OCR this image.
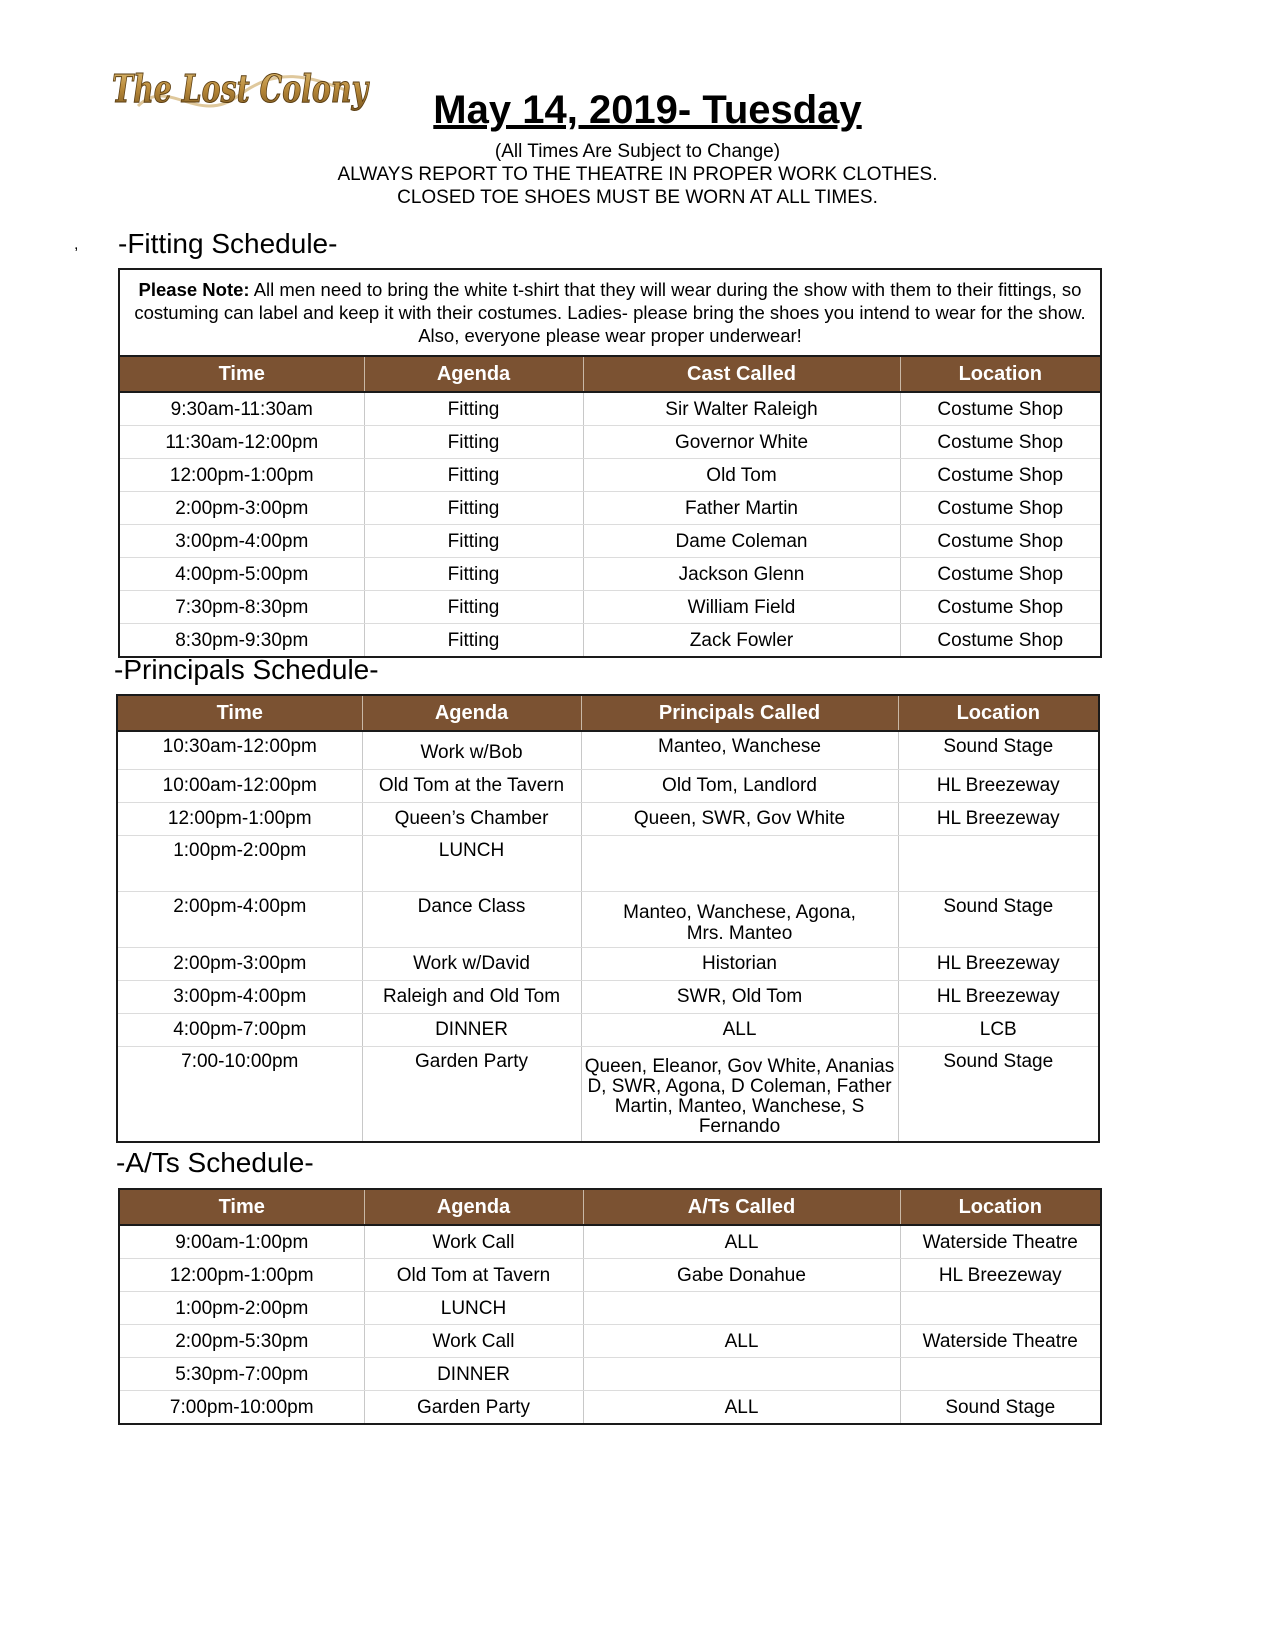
The Lost Colony	May 14, 2019- Tuesday
(All Times Are Subject to Change)
ALWAYS REPORT TO THE THEATRE IN PROPER WORK CLOTHES.
CLOSED TOE SHOES MUST BE WORN AT ALL TIMES.
, -Fitting Schedule-
Please Note: All men need to bring the white t-shirt that they will wear during the show with them to their fittings, so costuming can label and keep it with their costumes. Ladies- please bring the shoes you intend to wear for the show. Also, everyone please wear proper underwear!			
Time	Agenda	Cast Called	Location
9:30am-11:30am	Fitting	Sir Walter Raleigh	Costume Shop
11:30am-12:00pm	Fitting	Governor White	Costume Shop
12:00pm-1:00pm	Fitting	Old Tom	Costume Shop
2:00pm-3:00pm	Fitting	Father Martin	Costume Shop
3:00pm-4:00pm	Fitting	Dame Coleman	Costume Shop
4:00pm-5:00pm	Fitting	Jackson Glenn	Costume Shop
7:30pm-8:30pm	Fitting	William Field	Costume Shop
8:30pm-9:30pm	Fitting	Zack Fowler	Costume Shop
-Principals Schedule-
Time	Agenda	Principals Called	Location
10:30am-12:00pm	Work w/Bob	Manteo, Wanchese	Sound Stage
10:00am-12:00pm	Old Tom at the Tavern	Old Tom, Landlord	HL Breezeway
12:00pm-1:00pm	Queen’s Chamber	Queen, SWR, Gov White	HL Breezeway
1:00pm-2:00pm	LUNCH		
2:00pm-4:00pm	Dance Class	Manteo, Wanchese, Agona, Mrs. Manteo	Sound Stage
2:00pm-3:00pm	Work w/David	Historian	HL Breezeway
3:00pm-4:00pm	Raleigh and Old Tom	SWR, Old Tom	HL Breezeway
4:00pm-7:00pm	DINNER	ALL	LCB
7:00-10:00pm	Garden Party	Queen, Eleanor, Gov White, Ananias D, SWR, Agona, D Coleman, Father Martin, Manteo, Wanchese, S Fernando	Sound Stage
-A/Ts Schedule-
Time	Agenda	A/Ts Called	Location
9:00am-1:00pm	Work Call	ALL	Waterside Theatre
12:00pm-1:00pm	Old Tom at Tavern	Gabe Donahue	HL Breezeway
1:00pm-2:00pm	LUNCH		
2:00pm-5:30pm	Work Call	ALL	Waterside Theatre
5:30pm-7:00pm	DINNER		
7:00pm-10:00pm	Garden Party	ALL	Sound Stage
